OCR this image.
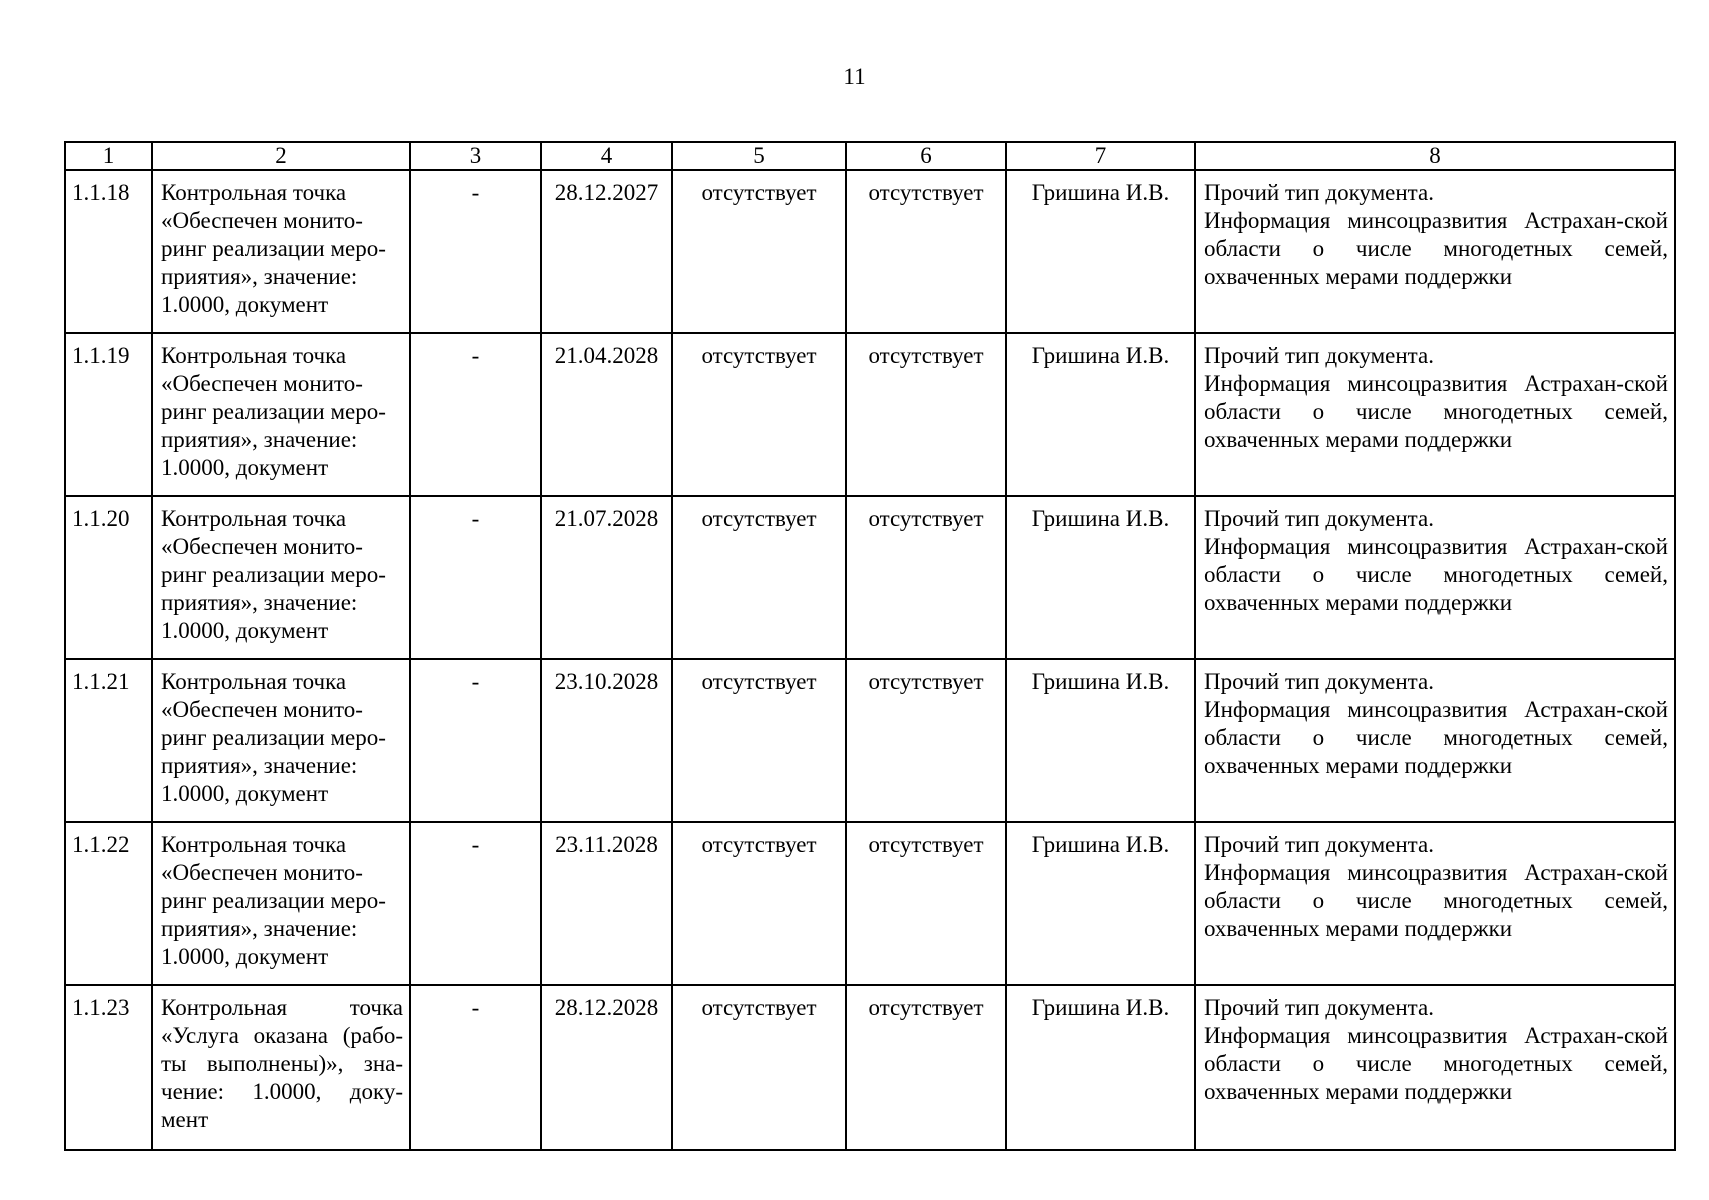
11
1	2	3	4	5	6	7	8
1.1.18	Контрольная точка «Обеспечен монито-ринг реализации меро-приятия», значение: 1.0000, документ	-	28.12.2027	отсутствует	отсутствует	Гришина И.В.	Прочий тип документа.
Информация минсоцразвития Астрахан-ской области о числе многодетных семей, охваченных мерами поддержки

1.1.19	Контрольная точка «Обеспечен монито-ринг реализации меро-приятия», значение: 1.0000, документ	-	21.04.2028	отсутствует	отсутствует	Гришина И.В.	Прочий тип документа.
Информация минсоцразвития Астрахан-ской области о числе многодетных семей, охваченных мерами поддержки

1.1.20	Контрольная точка «Обеспечен монито-ринг реализации меро-приятия», значение: 1.0000, документ	-	21.07.2028	отсутствует	отсутствует	Гришина И.В.	Прочий тип документа.
Информация минсоцразвития Астрахан-ской области о числе многодетных семей, охваченных мерами поддержки

1.1.21	Контрольная точка «Обеспечен монито-ринг реализации меро-приятия», значение: 1.0000, документ	-	23.10.2028	отсутствует	отсутствует	Гришина И.В.	Прочий тип документа.
Информация минсоцразвития Астрахан-ской области о числе многодетных семей, охваченных мерами поддержки

1.1.22	Контрольная точка «Обеспечен монито-ринг реализации меро-приятия», значение: 1.0000, документ	-	23.11.2028	отсутствует	отсутствует	Гришина И.В.	Прочий тип документа.
Информация минсоцразвития Астрахан-ской области о числе многодетных семей, охваченных мерами поддержки

1.1.23	Контрольная точка «Услуга оказана (рабо-ты выполнены)», зна-чение: 1.0000, доку-мент	-	28.12.2028	отсутствует	отсутствует	Гришина И.В.	Прочий тип документа.
Информация минсоцразвития Астрахан-ской области о числе многодетных семей, охваченных мерами поддержки
